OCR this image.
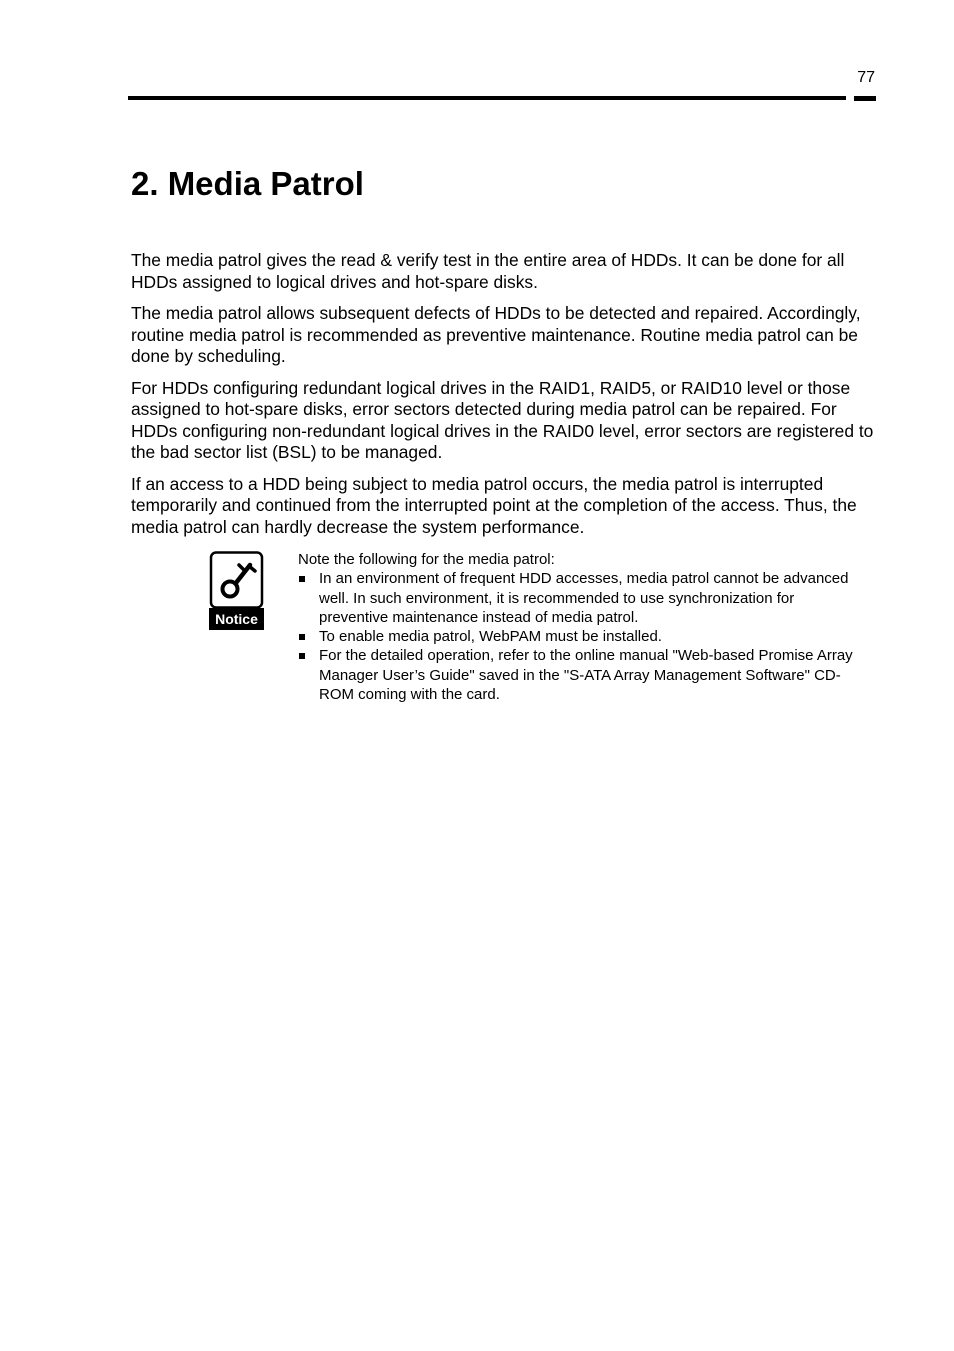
77
2. Media Patrol

The media patrol gives the read & verify test in the entire area of HDDs. It can be done for all HDDs assigned to logical drives and hot-spare disks.

The media patrol allows subsequent defects of HDDs to be detected and repaired. Accordingly, routine media patrol is recommended as preventive maintenance. Routine media patrol can be done by scheduling.

For HDDs configuring redundant logical drives in the RAID1, RAID5, or RAID10 level or those assigned to hot-spare disks, error sectors detected during media patrol can be repaired. For HDDs configuring non-redundant logical drives in the RAID0 level, error sectors are registered to the bad sector list (BSL) to be managed.

If an access to a HDD being subject to media patrol occurs, the media patrol is interrupted temporarily and continued from the interrupted point at the completion of the access. Thus, the media patrol can hardly decrease the system performance.

Notice

Note the following for the media patrol:

In an environment of frequent HDD accesses, media patrol cannot be advanced well. In such environment, it is recommended to use synchronization for preventive maintenance instead of media patrol.
To enable media patrol, WebPAM must be installed.
For the detailed operation, refer to the online manual "Web-based Promise Array Manager User’s Guide" saved in the "S-ATA Array Management Software" CD-ROM coming with the card.
